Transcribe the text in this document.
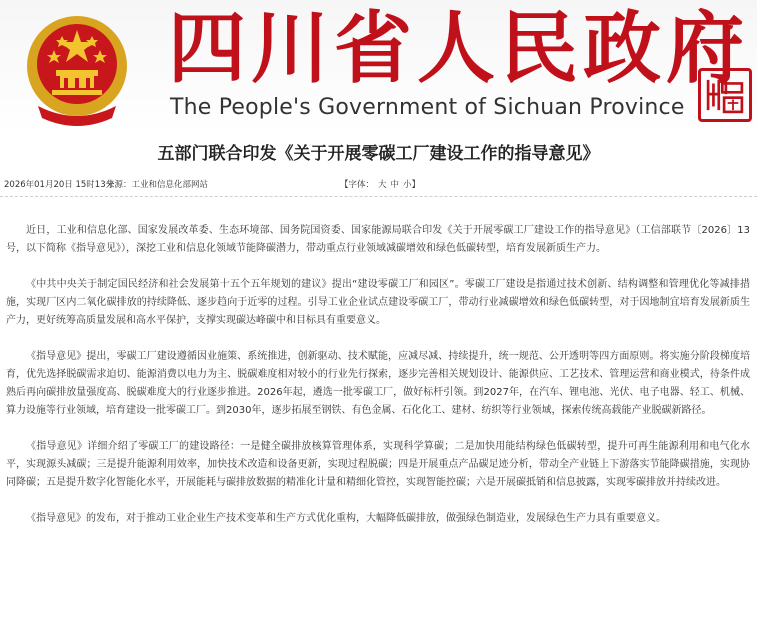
四川省人民政府
The People's Government of Sichuan Province
五部门联合印发《关于开展零碳工厂建设工作的指导意见》
2026年01月20日 15时13分
来源：工业和信息化部网站	【字体： 大 中 小】

近日，工业和信息化部、国家发展改革委、生态环境部、国务院国资委、国家能源局联合印发《关于开展零碳工厂建设工作的指导意见》（工信部联节〔2026〕13号，以下简称《指导意见》），深挖工业和信息化领域节能降碳潜力，带动重点行业领域减碳增效和绿色低碳转型，培育发展新质生产力。

《中共中央关于制定国民经济和社会发展第十五个五年规划的建议》提出“建设零碳工厂和园区”。零碳工厂建设是指通过技术创新、结构调整和管理优化等减排措施，实现厂区内二氧化碳排放的持续降低、逐步趋向于近零的过程。引导工业企业试点建设零碳工厂，带动行业减碳增效和绿色低碳转型，对于因地制宜培育发展新质生产力，更好统筹高质量发展和高水平保护，支撑实现碳达峰碳中和目标具有重要意义。

《指导意见》提出，零碳工厂建设遵循因业施策、系统推进，创新驱动、技术赋能，应减尽减、持续提升，统一规范、公开透明等四方面原则。将实施分阶段梯度培育，优先选择脱碳需求迫切、能源消费以电力为主、脱碳难度相对较小的行业先行探索，逐步完善相关规划设计、能源供应、工艺技术、管理运营和商业模式，待条件成熟后再向碳排放量强度高、脱碳难度大的行业逐步推进。2026年起，遴选一批零碳工厂，做好标杆引领。到2027年，在汽车、锂电池、光伏、电子电器、轻工、机械、算力设施等行业领域，培育建设一批零碳工厂。到2030年，逐步拓展至钢铁、有色金属、石化化工、建材、纺织等行业领域，探索传统高载能产业脱碳新路径。

《指导意见》详细介绍了零碳工厂的建设路径：一是健全碳排放核算管理体系，实现科学算碳；二是加快用能结构绿色低碳转型，提升可再生能源利用和电气化水平，实现源头减碳；三是提升能源利用效率，加快技术改造和设备更新，实现过程脱碳；四是开展重点产品碳足迹分析，带动全产业链上下游落实节能降碳措施，实现协同降碳；五是提升数字化智能化水平，开展能耗与碳排放数据的精准化计量和精细化管控，实现智能控碳；六是开展碳抵销和信息披露，实现零碳排放并持续改进。

《指导意见》的发布，对于推动工业企业生产技术变革和生产方式优化重构，大幅降低碳排放，做强绿色制造业，发展绿色生产力具有重要意义。
